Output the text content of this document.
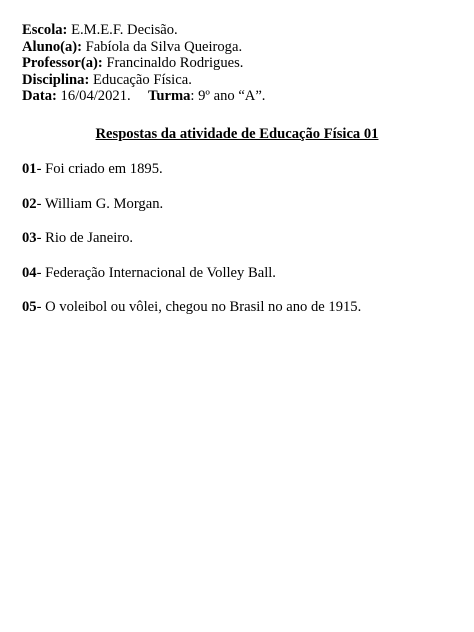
Escola: E.M.E.F. Decisão.
Aluno(a): Fabíola da Silva Queiroga.
Professor(a): Francinaldo Rodrigues.
Disciplina: Educação Física.
Data: 16/04/2021. Turma: 9º ano “A”.
Respostas da atividade de Educação Física 01
01- Foi criado em 1895.
02- William G. Morgan.
03- Rio de Janeiro.
04- Federação Internacional de Volley Ball.
05- O voleibol ou vôlei, chegou no Brasil no ano de 1915.
